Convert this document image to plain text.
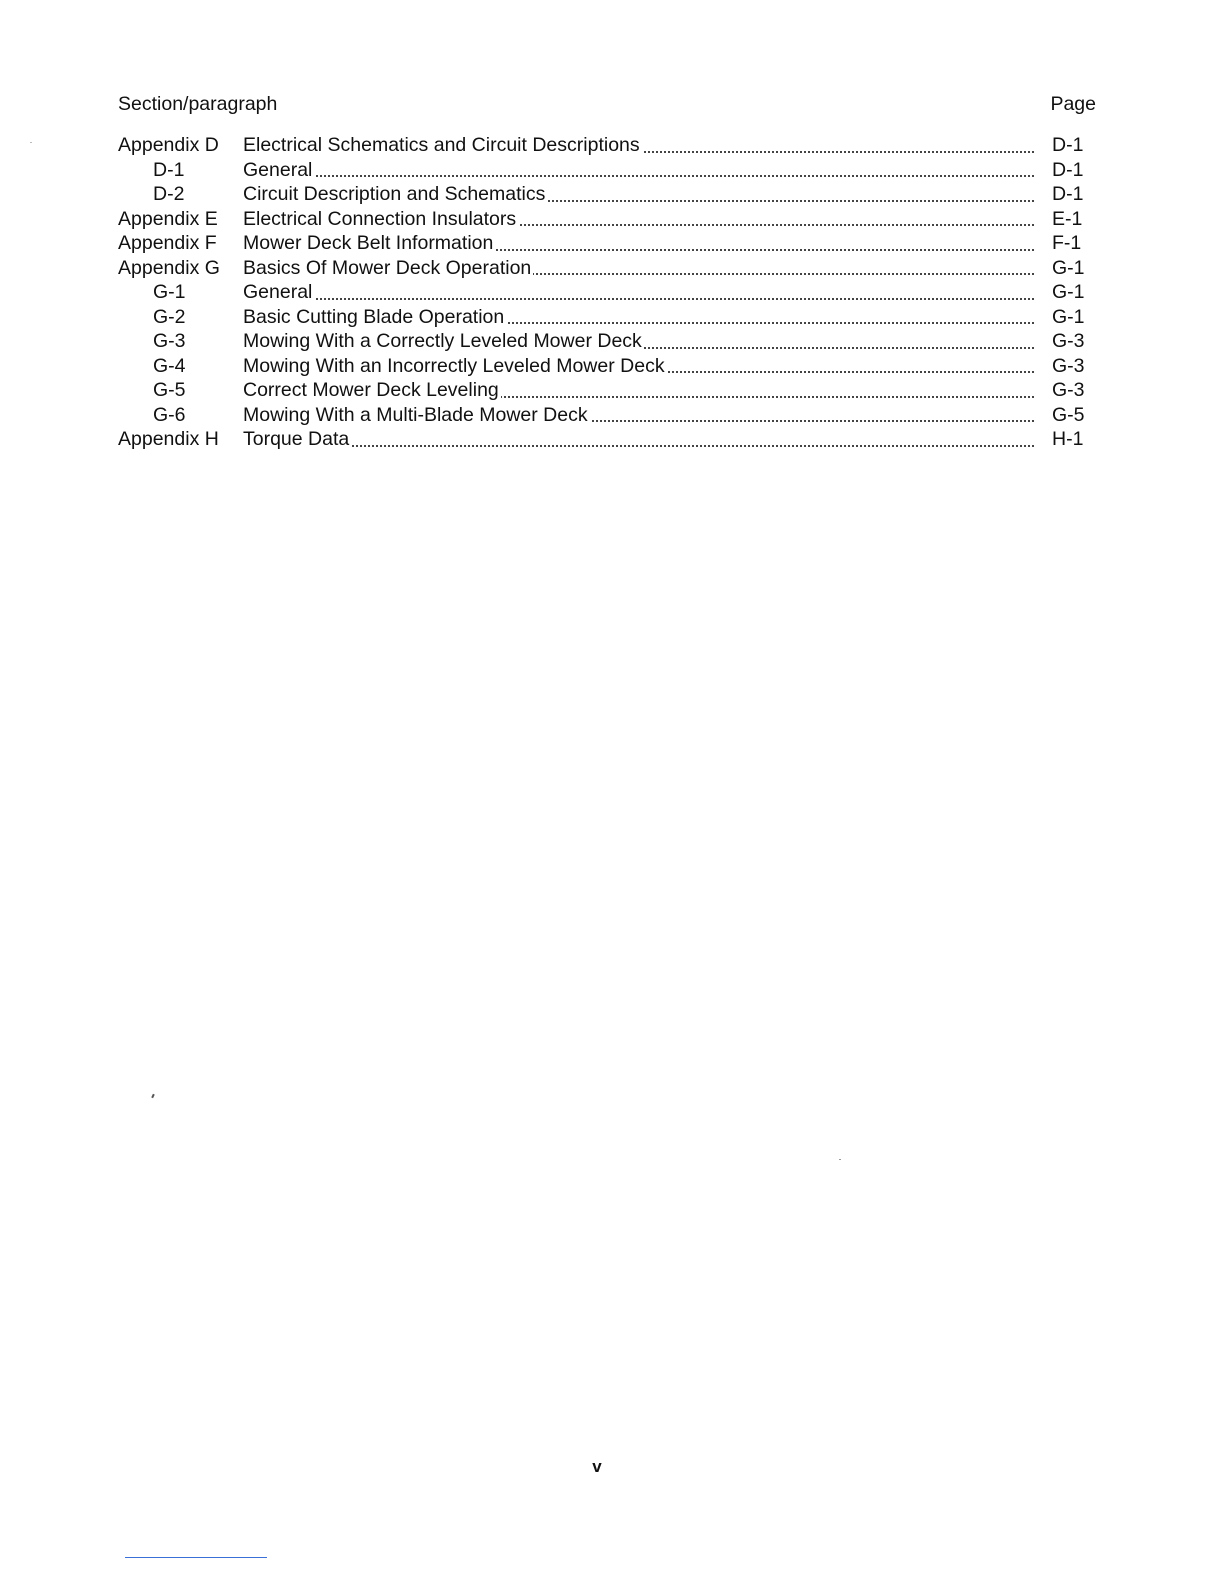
Section/paragraph	Page
Appendix D	Electrical Schematics and Circuit Descriptions	D-1
D-1	General	D-1
D-2	Circuit Description and Schematics	D-1
Appendix E	Electrical Connection Insulators	E-1
Appendix F	Mower Deck Belt Information	F-1
Appendix G	Basics Of Mower Deck Operation	G-1
G-1	General	G-1
G-2	Basic Cutting Blade Operation	G-1
G-3	Mowing With a Correctly Leveled Mower Deck	G-3
G-4	Mowing With an Incorrectly Leveled Mower Deck	G-3
G-5	Correct Mower Deck Leveling	G-3
G-6	Mowing With a Multi-Blade Mower Deck	G-5
Appendix H	Torque Data	H-1
v
